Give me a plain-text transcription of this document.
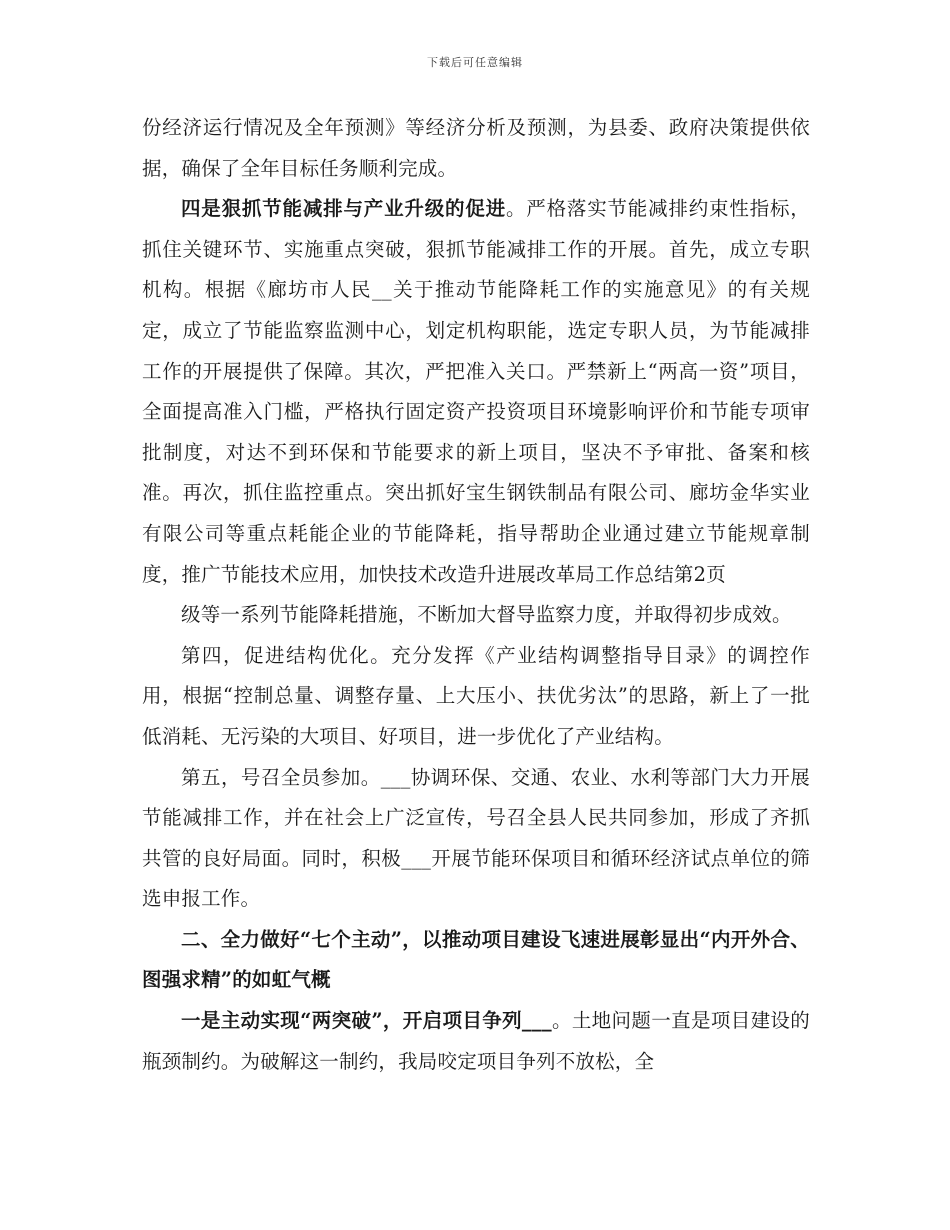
下载后可任意编辑

份经济运行情况及全年预测》等经济分析及预测，为县委、政府决策提供依据，确保了全年目标任务顺利完成。

四是狠抓节能减排与产业升级的促进。严格落实节能减排约束性指标，抓住关键环节、实施重点突破，狠抓节能减排工作的开展。首先，成立专职机构。根据《廊坊市人民__关于推动节能降耗工作的实施意见》的有关规定，成立了节能监察监测中心，划定机构职能，选定专职人员，为节能减排工作的开展提供了保障。其次，严把准入关口。严禁新上“两高一资”项目，全面提高准入门槛，严格执行固定资产投资项目环境影响评价和节能专项审批制度，对达不到环保和节能要求的新上项目，坚决不予审批、备案和核准。再次，抓住监控重点。突出抓好宝生钢铁制品有限公司、廊坊金华实业有限公司等重点耗能企业的节能降耗，指导帮助企业通过建立节能规章制度，推广节能技术应用，加快技术改造升进展改革局工作总结第2页

级等一系列节能降耗措施，不断加大督导监察力度，并取得初步成效。

第四，促进结构优化。充分发挥《产业结构调整指导目录》的调控作用，根据“控制总量、调整存量、上大压小、扶优劣汰”的思路，新上了一批低消耗、无污染的大项目、好项目，进一步优化了产业结构。

第五，号召全员参加。___协调环保、交通、农业、水利等部门大力开展节能减排工作，并在社会上广泛宣传，号召全县人民共同参加，形成了齐抓共管的良好局面。同时，积极___开展节能环保项目和循环经济试点单位的筛选申报工作。

二、全力做好“七个主动”，以推动项目建设飞速进展彰显出“内开外合、图强求精”的如虹气概

一是主动实现“两突破”，开启项目争列___。土地问题一直是项目建设的瓶颈制约。为破解这一制约，我局咬定项目争列不放松，全
